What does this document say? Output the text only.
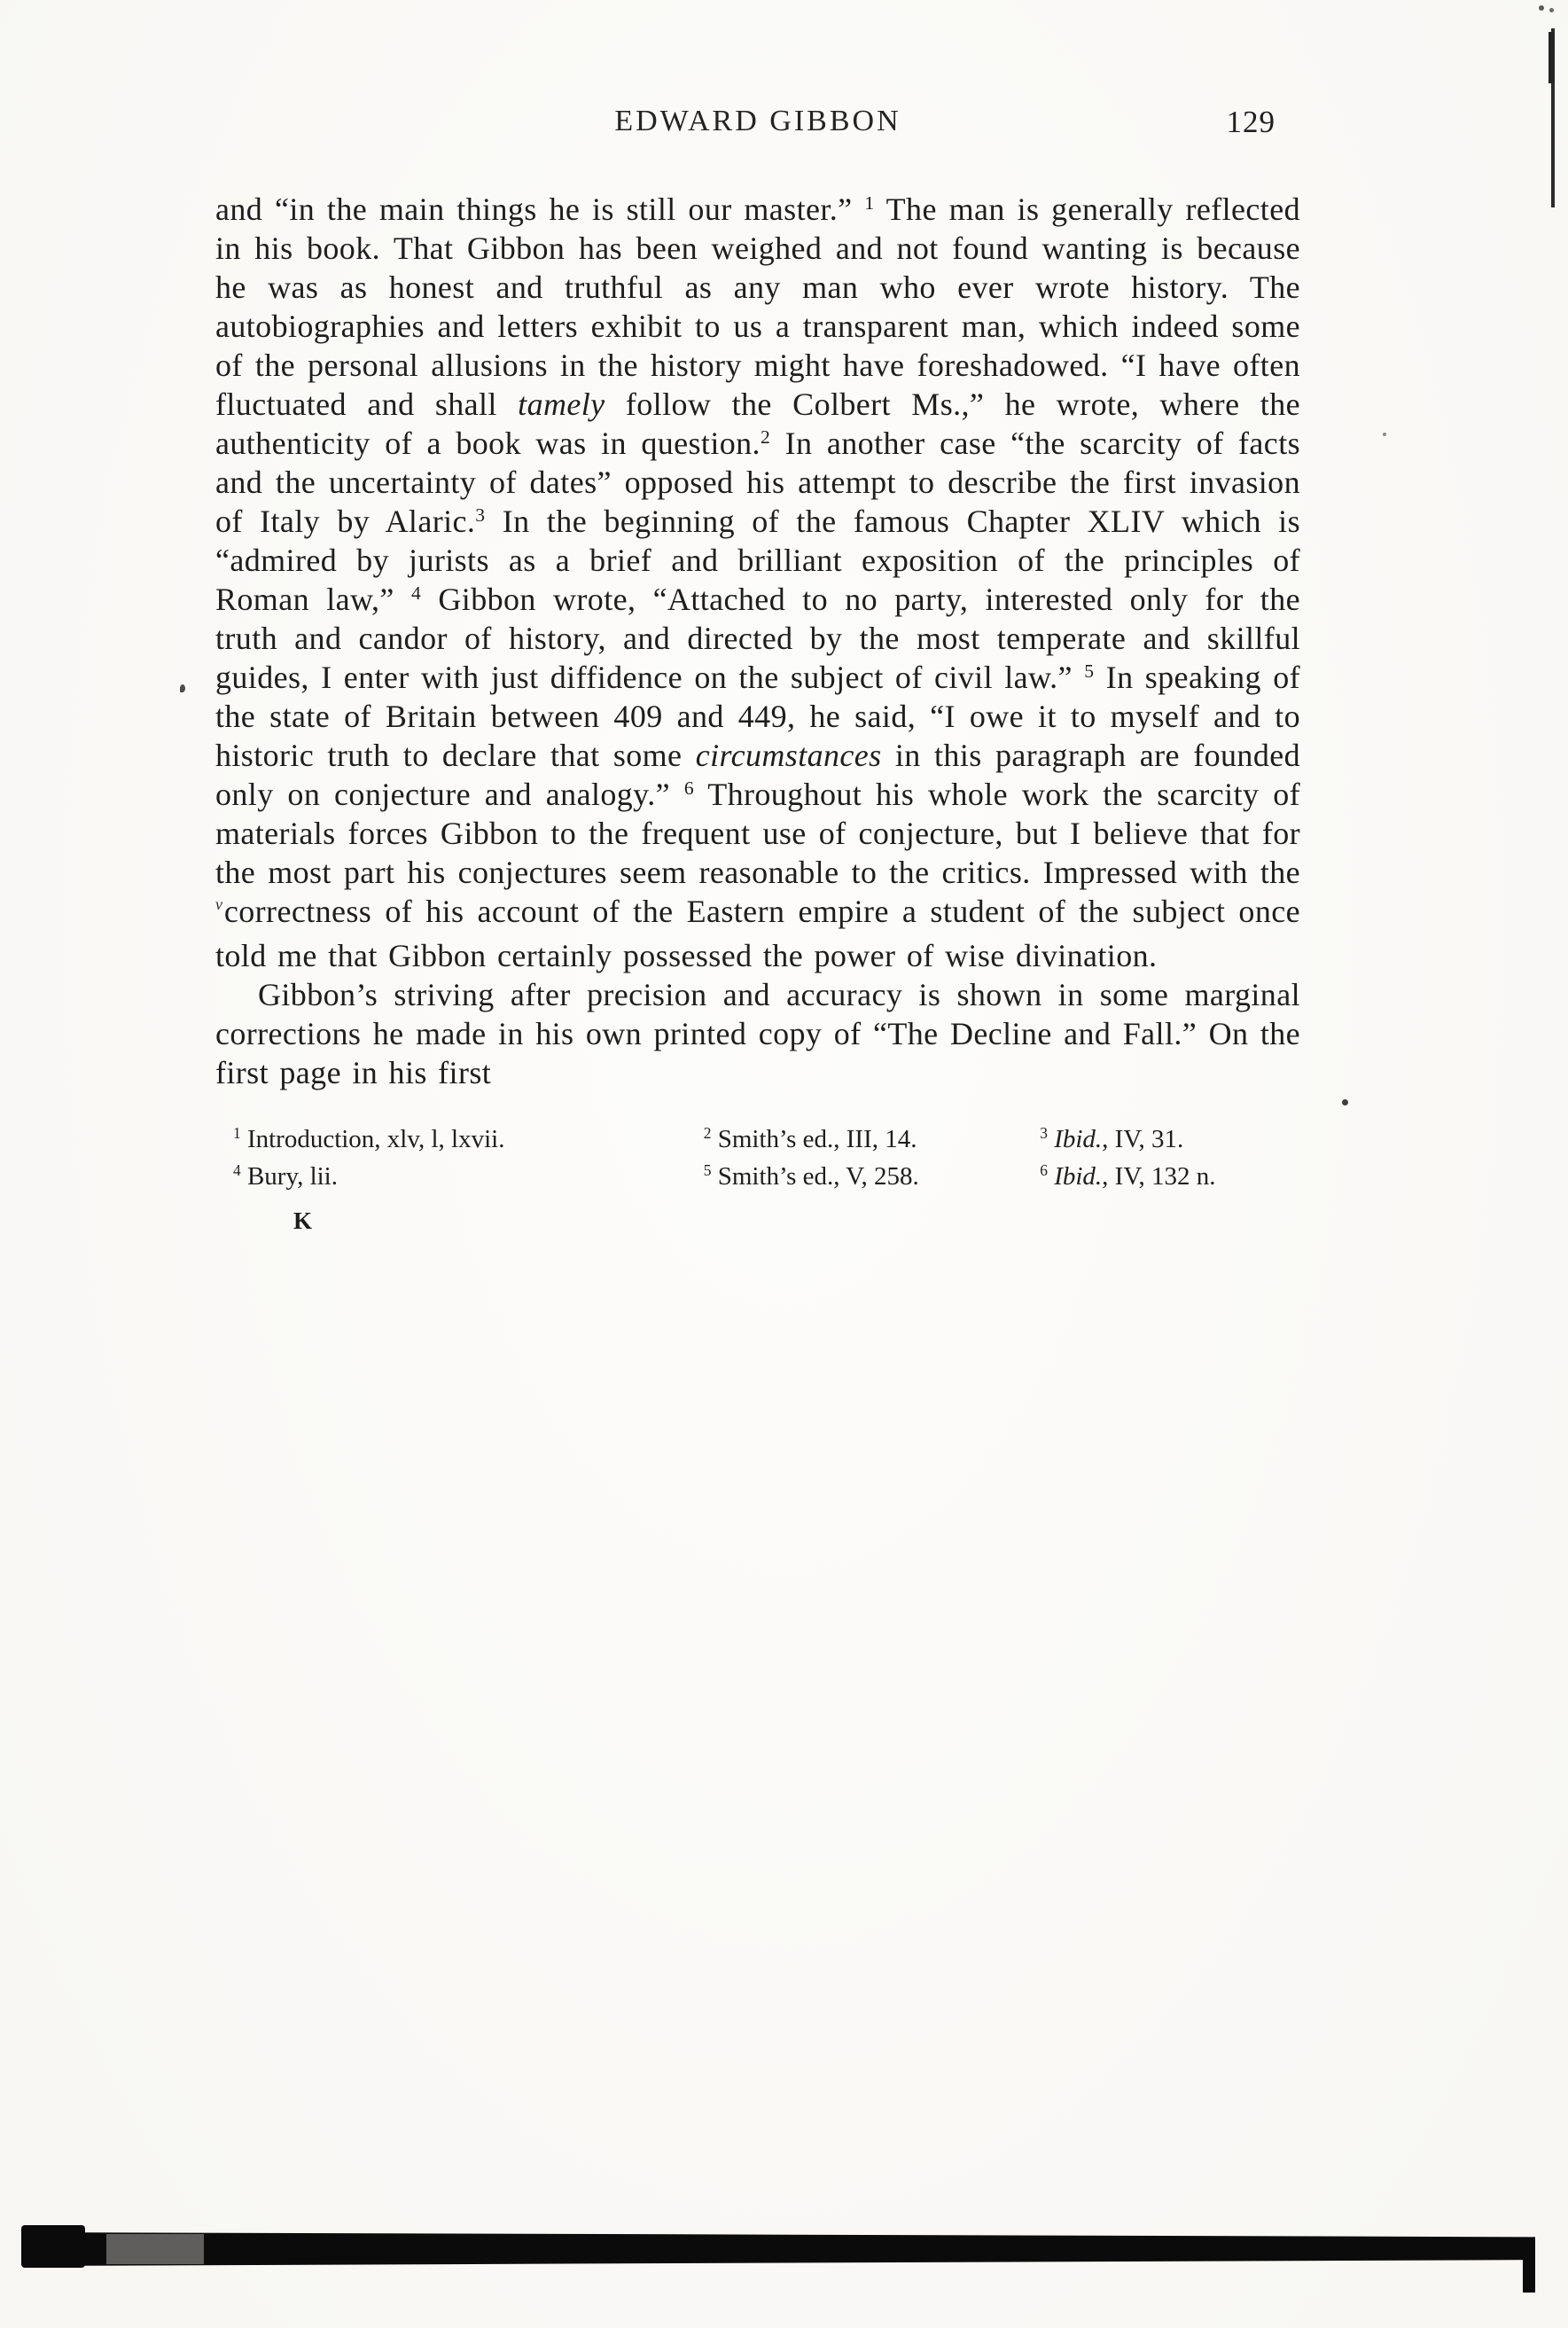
EDWARD GIBBON	129

and “in the main things he is still our master.” $^1$ The man is generally reflected in his book. That Gibbon has been weighed and not found wanting is because he was as honest and truthful as any man who ever wrote history. The autobiographies and letters exhibit to us a transparent man, which indeed some of the personal allusions in the history might have foreshadowed. “I have often fluctuated and shall tamely follow the Colbert Ms.,” he wrote, where the authenticity of a book was in question.$^2$ In another case “the scarcity of facts and the uncertainty of dates” opposed his attempt to describe the first invasion of Italy by Alaric.$^3$ In the beginning of the famous Chapter XLIV which is “admired by jurists as a brief and brilliant exposition of the principles of Roman law,” $^4$ Gibbon wrote, “Attached to no party, interested only for the truth and candor of history, and directed by the most temperate and skillful guides, I enter with just diffidence on the subject of civil law.” $^5$ In speaking of the state of Britain between 409 and 449, he said, “I owe it to myself and to historic truth to declare that some circumstances in this paragraph are founded only on conjecture and analogy.” $^6$ Throughout his whole work the scarcity of materials forces Gibbon to the frequent use of conjecture, but I believe that for the most part his conjectures seem reasonable to the critics. Impressed with the vcorrectness of his account of the Eastern empire a student of the subject once told me that Gibbon certainly possessed the power of wise divination.

Gibbon’s striving after precision and accuracy is shown in some marginal corrections he made in his own printed copy of “The Decline and Fall.” On the first page in his first

$^1$ Introduction, xlv, l, lxvii.	$^2$ Smith’s ed., III, 14.	$^3$ Ibid., IV, 31.
$^4$ Bury, lii.	$^5$ Smith’s ed., V, 258.	$^6$ Ibid., IV, 132 n.
K
